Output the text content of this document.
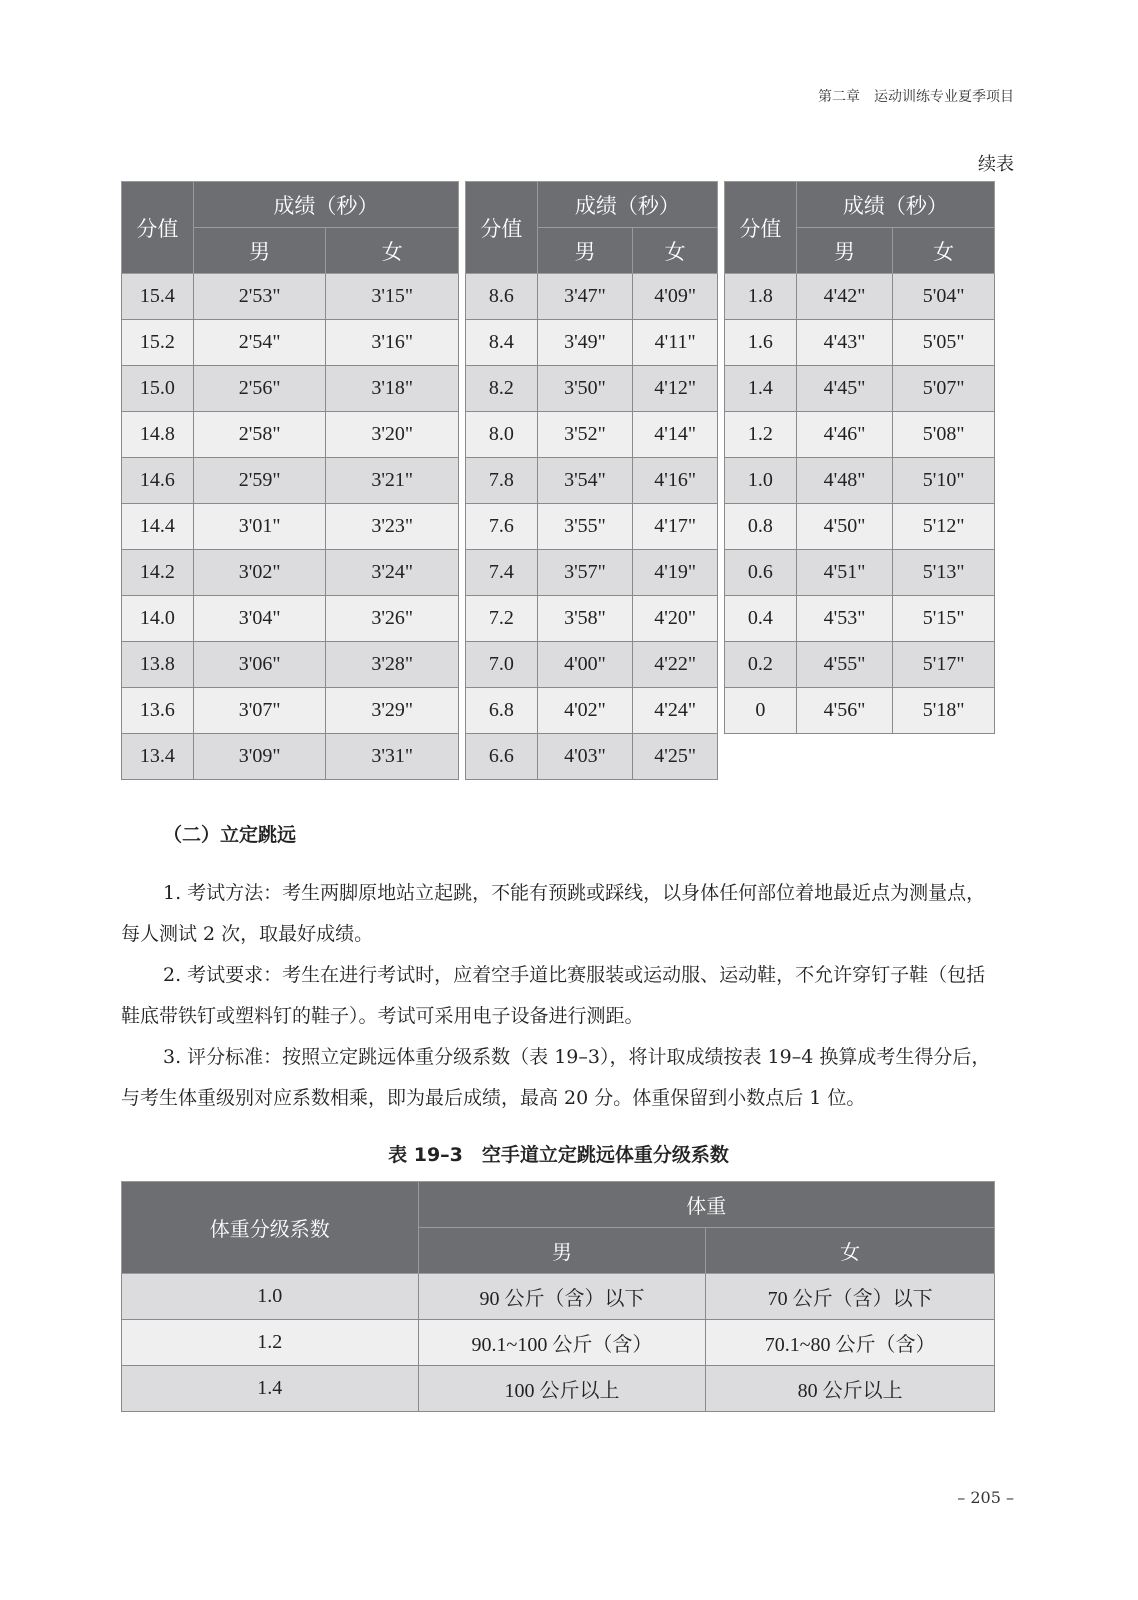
第二章　运动训练专业夏季项目
续表
分值	成绩（秒）	
	男	女
15.4	2'53"	3'15"
15.2	2'54"	3'16"
15.0	2'56"	3'18"
14.8	2'58"	3'20"
14.6	2'59"	3'21"
14.4	3'01"	3'23"
14.2	3'02"	3'24"
14.0	3'04"	3'26"
13.8	3'06"	3'28"
13.6	3'07"	3'29"
13.4	3'09"	3'31"
分值	成绩（秒）	
	男	女
8.6	3'47"	4'09"
8.4	3'49"	4'11"
8.2	3'50"	4'12"
8.0	3'52"	4'14"
7.8	3'54"	4'16"
7.6	3'55"	4'17"
7.4	3'57"	4'19"
7.2	3'58"	4'20"
7.0	4'00"	4'22"
6.8	4'02"	4'24"
6.6	4'03"	4'25"
分值	成绩（秒）	
	男	女
1.8	4'42"	5'04"
1.6	4'43"	5'05"
1.4	4'45"	5'07"
1.2	4'46"	5'08"
1.0	4'48"	5'10"
0.8	4'50"	5'12"
0.6	4'51"	5'13"
0.4	4'53"	5'15"
0.2	4'55"	5'17"
0	4'56"	5'18"
（二）立定跳远

1. 考试方法：考生两脚原地站立起跳，不能有预跳或踩线，以身体任何部位着地最近点为测量点，每人测试 2 次，取最好成绩。

2. 考试要求：考生在进行考试时，应着空手道比赛服装或运动服、运动鞋，不允许穿钉子鞋（包括鞋底带铁钉或塑料钉的鞋子）。考试可采用电子设备进行测距。

3. 评分标准：按照立定跳远体重分级系数（表 19–3），将计取成绩按表 19–4 换算成考生得分后，与考生体重级别对应系数相乘，即为最后成绩，最高 20 分。体重保留到小数点后 1 位。

表 19–3　空手道立定跳远体重分级系数
体重分级系数	体重	
	男	女
1.0	90 公斤（含）以下	70 公斤（含）以下
1.2	90.1~100 公斤（含）	70.1~80 公斤（含）
1.4	100 公斤以上	80 公斤以上
– 205 –
